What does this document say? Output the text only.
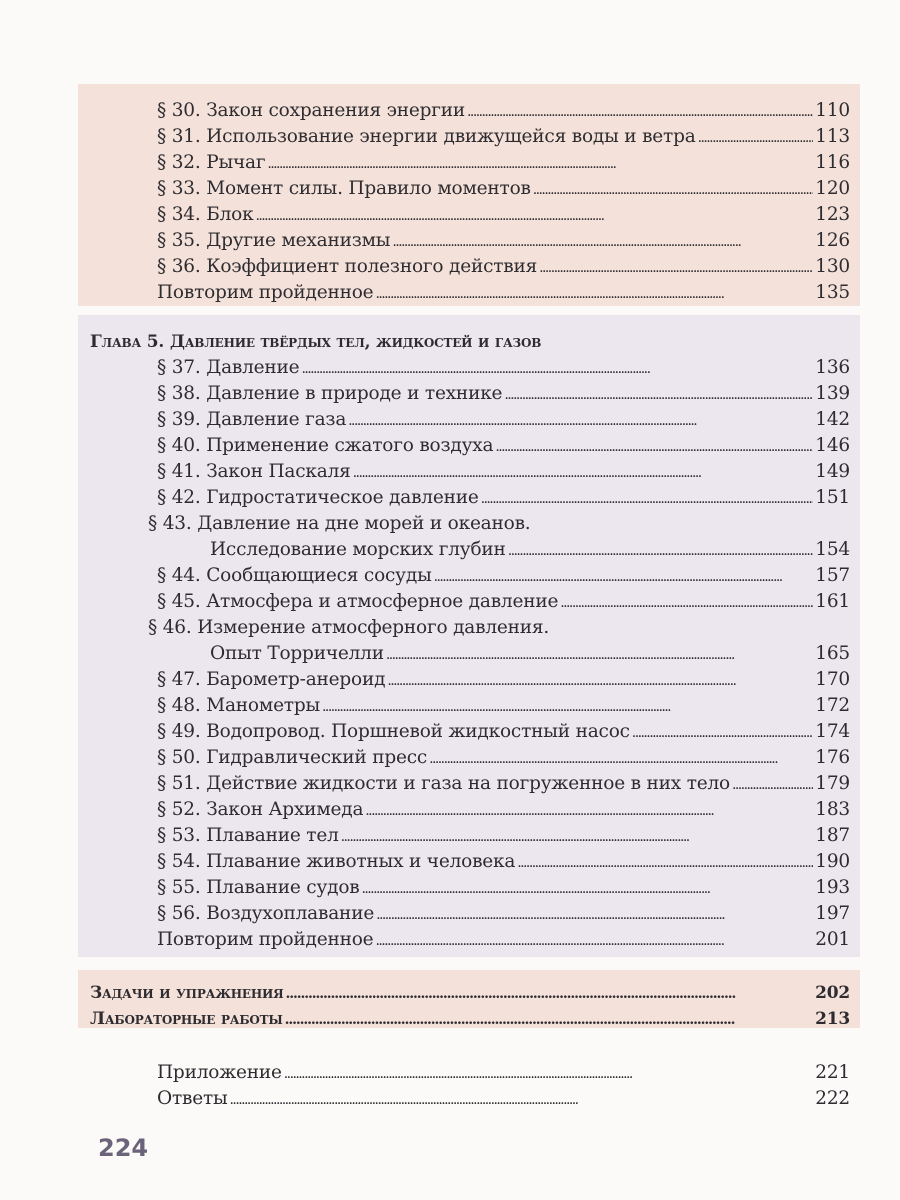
§ 30. Закон сохранения энергии . . .	110
§ 31. Использование энергии движущейся воды и ветра . . .	113
§ 32. Рычаг . . .	116
§ 33. Момент силы. Правило моментов . . .	120
§ 34. Блок . . .	123
§ 35. Другие механизмы . . .	126
§ 36. Коэффициент полезного действия . . .	130
Повторим пройденное . . .	135
Глава 5. Давление твёрдых тел, жидкостей и газов
§ 37. Давление . . .	136
§ 38. Давление в природе и технике . . .	139
§ 39. Давление газа . . .	142
§ 40. Применение сжатого воздуха . . .	146
§ 41. Закон Паскаля . . .	149
§ 42. Гидростатическое давление . . .	151
§ 43. Давление на дне морей и океанов.
Исследование морских глубин . . .	154
§ 44. Сообщающиеся сосуды . . .	157
§ 45. Атмосфера и атмосферное давление . . .	161
§ 46. Измерение атмосферного давления.
Опыт Торричелли . . .	165
§ 47. Барометр-анероид . . .	170
§ 48. Манометры . . .	172
§ 49. Водопровод. Поршневой жидкостный насос . . .	174
§ 50. Гидравлический пресс . . .	176
§ 51. Действие жидкости и газа на погруженное в них тело . . .	179
§ 52. Закон Архимеда . . .	183
§ 53. Плавание тел . . .	187
§ 54. Плавание животных и человека . . .	190
§ 55. Плавание судов . . .	193
§ 56. Воздухоплавание . . .	197
Повторим пройденное . . .	201
Задачи и упражнения . . .	202
Лабораторные работы . . .	213
Приложение . . .	221
Ответы . . .	222
224
